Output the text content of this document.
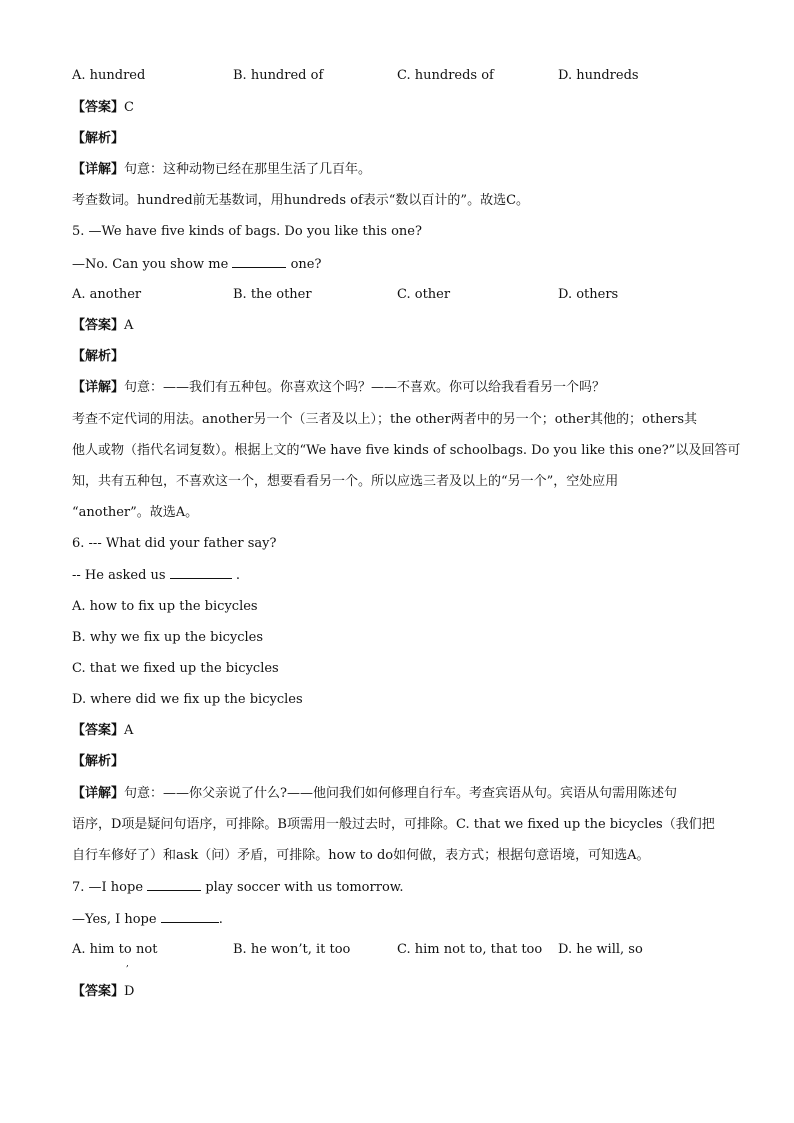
A. hundred	B. hundred of	C. hundreds of	D. hundreds
【答案】C
【解析】
【详解】句意：这种动物已经在那里生活了几百年。
考查数词。hundred前无基数词，用hundreds of表示“数以百计的”。故选C。
5. —We have five kinds of bags. Do you like this one?
—No. Can you show me	one?
A. another	B. the other	C. other	D. others
【答案】A
【解析】
【详解】句意：——我们有五种包。你喜欢这个吗？——不喜欢。你可以给我看看另一个吗？
考查不定代词的用法。another另一个（三者及以上）；the other两者中的另一个；other其他的；others其
他人或物（指代名词复数）。根据上文的“We have five kinds of schoolbags. Do you like this one?”以及回答可
知，共有五种包，不喜欢这一个，想要看看另一个。所以应选三者及以上的“另一个”，空处应用
“another”。故选A。
6. --- What did your father say?
-- He asked us	.
A. how to fix up the bicycles
B. why we fix up the bicycles
C. that we fixed up the bicycles
D. where did we fix up the bicycles
【答案】A
【解析】
【详解】句意：——你父亲说了什么?——他问我们如何修理自行车。考查宾语从句。宾语从句需用陈述句
语序，D项是疑问句语序，可排除。B项需用一般过去时，可排除。C. that we fixed up the bicycles（我们把
自行车修好了）和ask（问）矛盾，可排除。how to do如何做，表方式；根据句意语境，可知选A。
7. —I hope	play soccer with us tomorrow.
—Yes, I hope	.
A. him to not
,
B. he won’t, it too	C. him not to, that too D. he will, so
【答案】D
